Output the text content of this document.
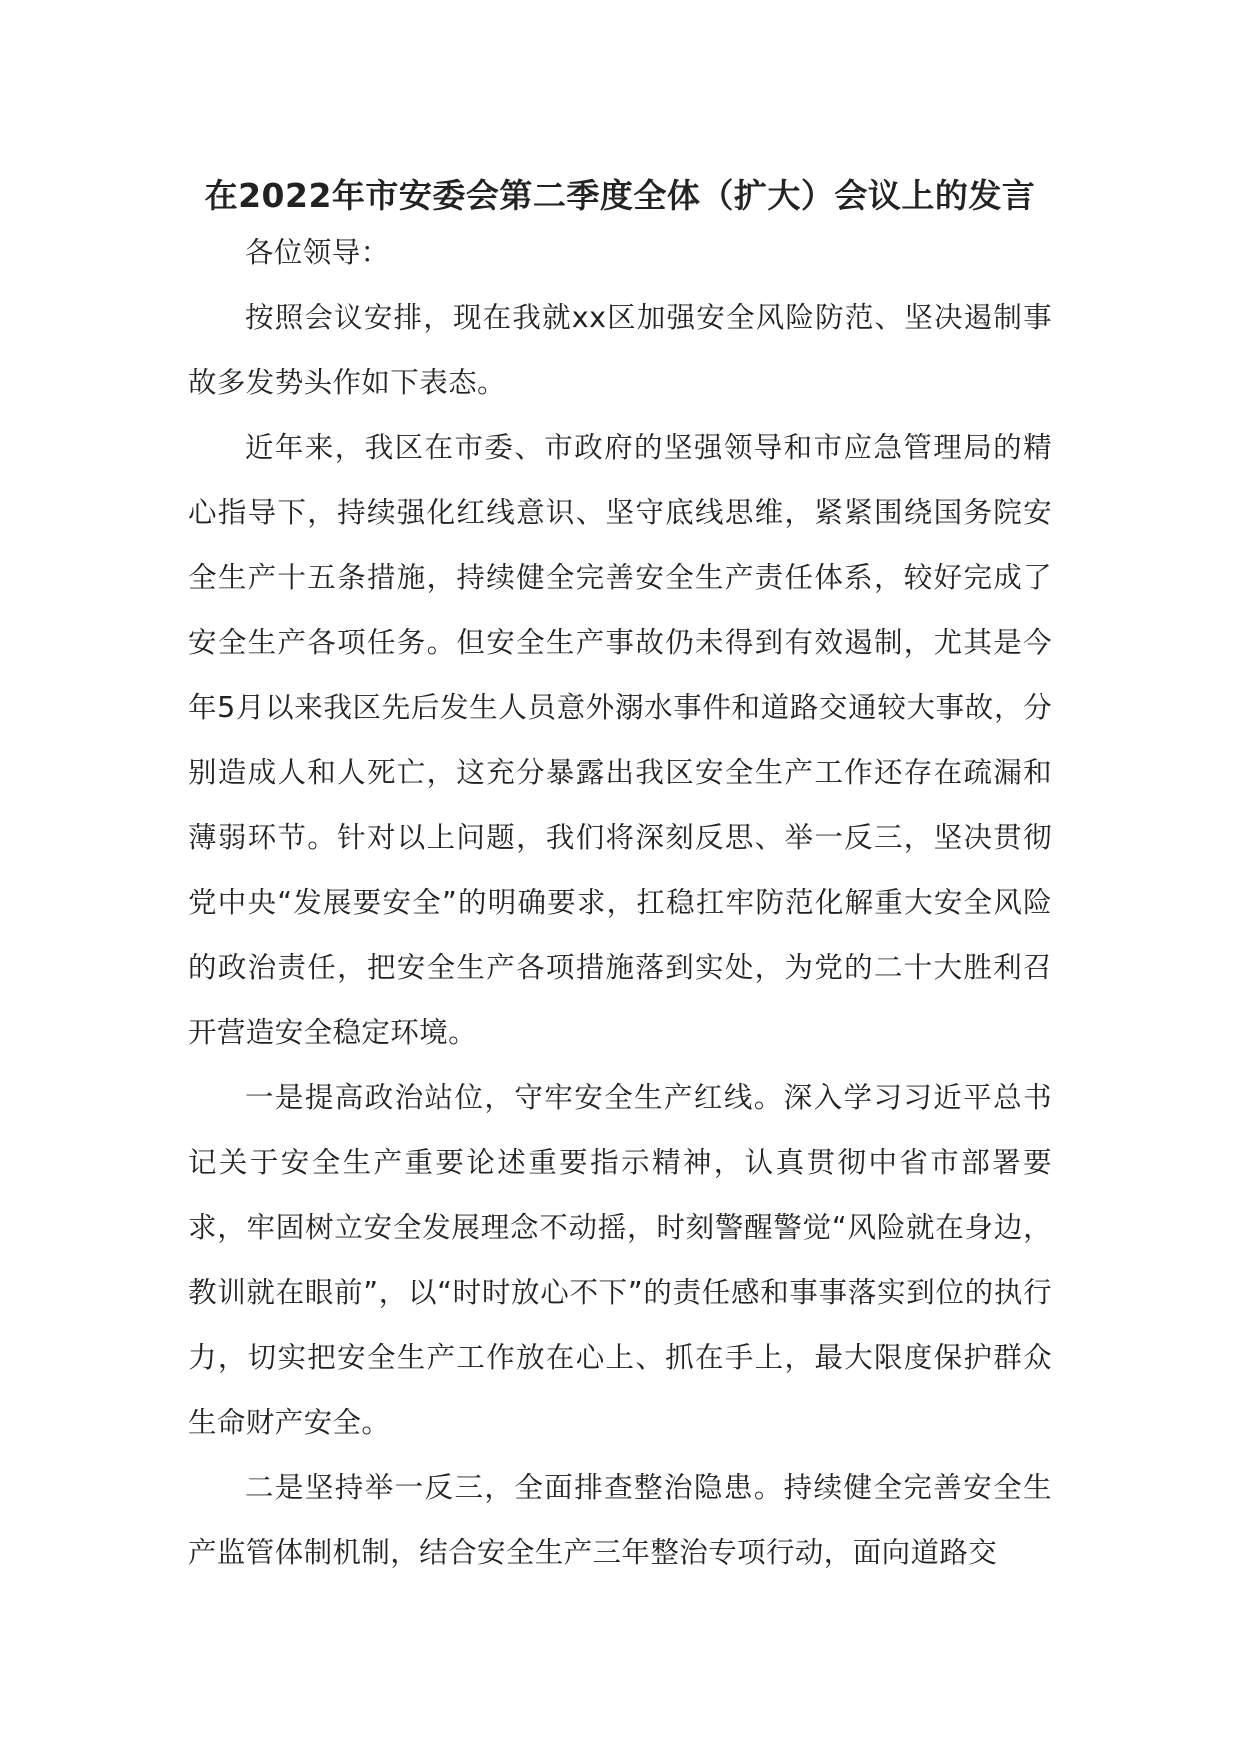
在2022年市安委会第二季度全体（扩大）会议上的发言

各位领导：

按照会议安排，现在我就xx区加强安全风险防范、坚决遏制事故多发势头作如下表态。

近年来，我区在市委、市政府的坚强领导和市应急管理局的精心指导下，持续强化红线意识、坚守底线思维，紧紧围绕国务院安全生产十五条措施，持续健全完善安全生产责任体系，较好完成了安全生产各项任务。但安全生产事故仍未得到有效遏制，尤其是今年5月以来我区先后发生人员意外溺水事件和道路交通较大事故，分别造成人和人死亡，这充分暴露出我区安全生产工作还存在疏漏和薄弱环节。针对以上问题，我们将深刻反思、举一反三，坚决贯彻党中央“发展要安全”的明确要求，扛稳扛牢防范化解重大安全风险的政治责任，把安全生产各项措施落到实处，为党的二十大胜利召开营造安全稳定环境。

一是提高政治站位，守牢安全生产红线。深入学习习近平总书记关于安全生产重要论述重要指示精神，认真贯彻中省市部署要求，牢固树立安全发展理念不动摇，时刻警醒警觉“风险就在身边，教训就在眼前”，以“时时放心不下”的责任感和事事落实到位的执行力，切实把安全生产工作放在心上、抓在手上，最大限度保护群众生命财产安全。

二是坚持举一反三，全面排查整治隐患。持续健全完善安全生产监管体制机制，结合安全生产三年整治专项行动，面向道路交
